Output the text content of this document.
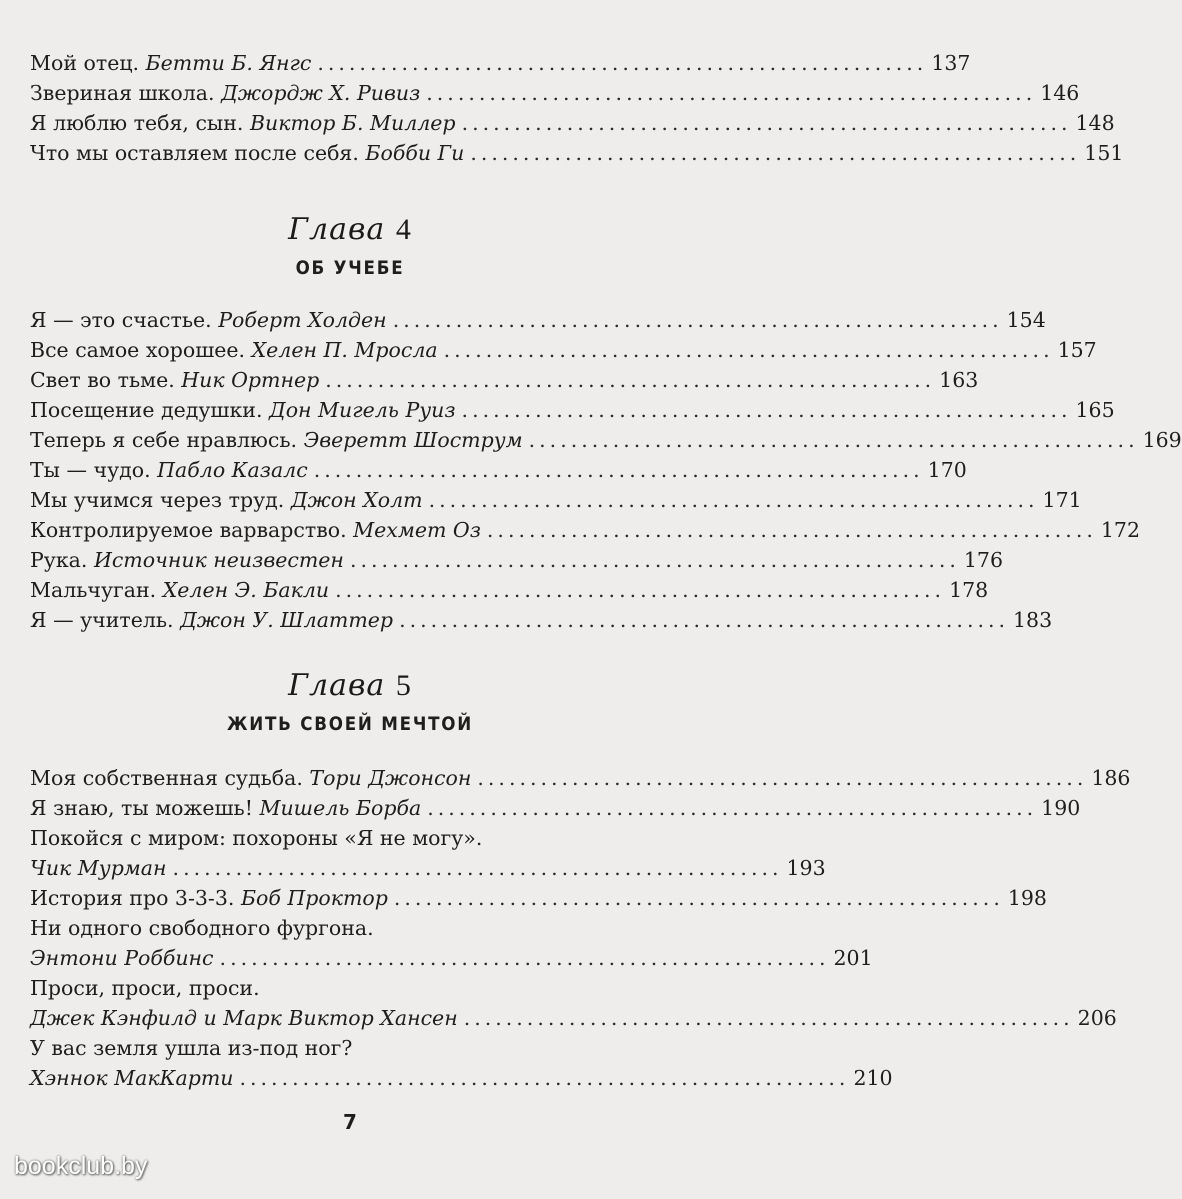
Мой отец. Бетти Б. Янгс .......................................................... 137
Звериная школа. Джордж Х. Ривиз .......................................................... 146
Я люблю тебя, сын. Виктор Б. Миллер .......................................................... 148
Что мы оставляем после себя. Бобби Ги .......................................................... 151
Глава 4
ОБ УЧЕБЕ
Я — это счастье. Роберт Холден .......................................................... 154
Все самое хорошее. Хелен П. Мросла .......................................................... 157
Свет во тьме. Ник Ортнер .......................................................... 163
Посещение дедушки. Дон Мигель Руиз .......................................................... 165
Теперь я себе нравлюсь. Эверетт Шострум .......................................................... 169
Ты — чудо. Пабло Казалс .......................................................... 170
Мы учимся через труд. Джон Холт .......................................................... 171
Контролируемое варварство. Мехмет Оз .......................................................... 172
Рука. Источник неизвестен .......................................................... 176
Мальчуган. Хелен Э. Бакли .......................................................... 178
Я — учитель. Джон У. Шлаттер .......................................................... 183
Глава 5
ЖИТЬ СВОЕЙ МЕЧТОЙ
Моя собственная судьба. Тори Джонсон .......................................................... 186
Я знаю, ты можешь! Мишель Борба .......................................................... 190
Покойся с миром: похороны «Я не могу».
Чик Мурман .......................................................... 193
История про 3-3-3. Боб Проктор .......................................................... 198
Ни одного свободного фургона.
Энтони Роббинс .......................................................... 201
Проси, проси, проси.
Джек Кэнфилд и Марк Виктор Хансен .......................................................... 206
У вас земля ушла из-под ног?
Хэннок МакКарти .......................................................... 210
7
bookclub.by
